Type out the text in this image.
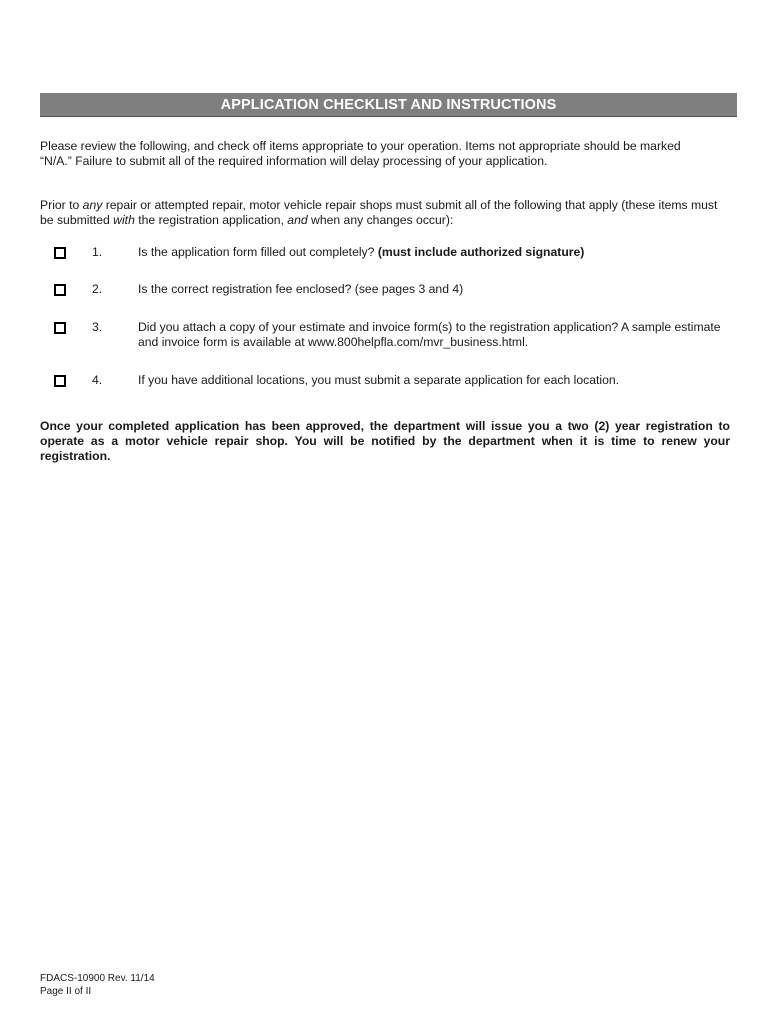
APPLICATION CHECKLIST AND INSTRUCTIONS
Please review the following, and check off items appropriate to your operation. Items not appropriate should be marked
“N/A.” Failure to submit all of the required information will delay processing of your application.
Prior to any repair or attempted repair, motor vehicle repair shops must submit all of the following that apply (these items must be submitted with the registration application, and when any changes occur):
1.	Is the application form filled out completely? (must include authorized signature)
2.	Is the correct registration fee enclosed? (see pages 3 and 4)
3.	Did you attach a copy of your estimate and invoice form(s) to the registration application? A sample estimate and invoice form is available at www.800helpfla.com/mvr_business.html.
4.	If you have additional locations, you must submit a separate application for each location.
Once your completed application has been approved, the department will issue you a two (2) year registration to operate as a motor vehicle repair shop. You will be notified by the department when it is time to renew your registration.
FDACS-10900 Rev. 11/14
Page II of II
